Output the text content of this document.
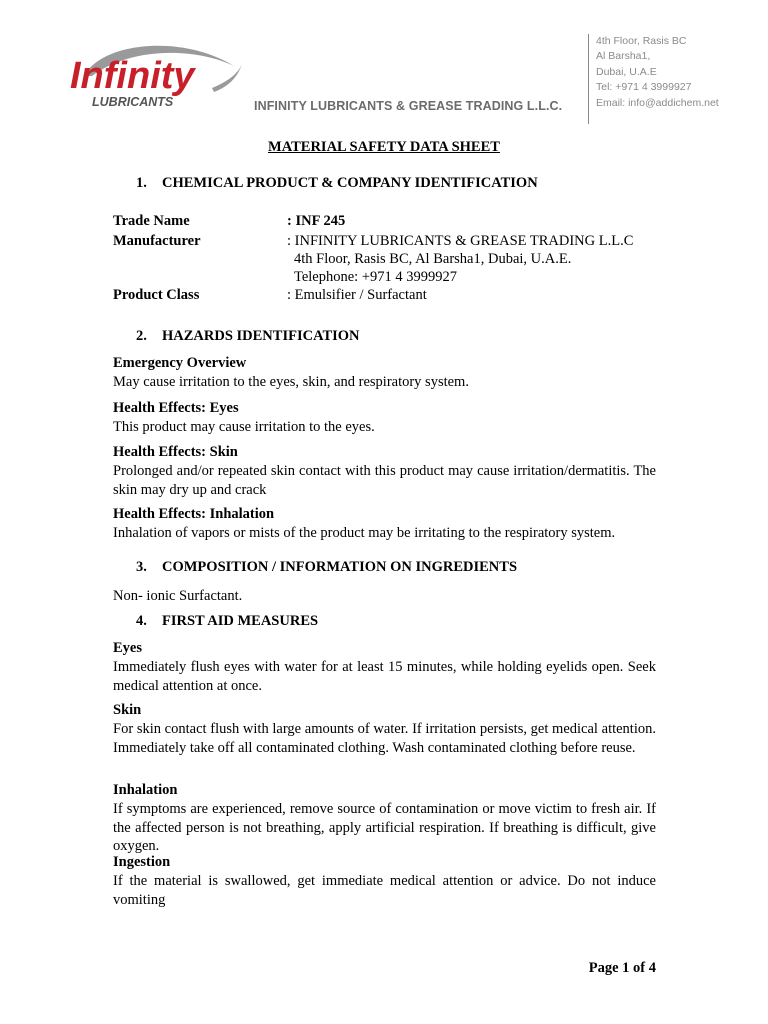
Infinity
LUBRICANTS	INFINITY LUBRICANTS & GREASE TRADING L.L.C.
4th Floor, Rasis BC
Al Barsha1,
Dubai, U.A.E
Tel: +971 4 3999927
Email: info@addichem.net
MATERIAL SAFETY DATA SHEET
1. CHEMICAL PRODUCT & COMPANY IDENTIFICATION
Trade Name	: INF 245
Manufacturer	: INFINITY LUBRICANTS & GREASE TRADING L.L.C
4th Floor, Rasis BC, Al Barsha1, Dubai, U.A.E.
Telephone: +971 4 3999927
Product Class	: Emulsifier / Surfactant
2. HAZARDS IDENTIFICATION
Emergency Overview
May cause irritation to the eyes, skin, and respiratory system.
Health Effects: Eyes
This product may cause irritation to the eyes.
Health Effects: Skin
Prolonged and/or repeated skin contact with this product may cause irritation/dermatitis. The skin may dry up and crack
Health Effects: Inhalation
Inhalation of vapors or mists of the product may be irritating to the respiratory system.
3. COMPOSITION / INFORMATION ON INGREDIENTS
Non- ionic Surfactant.
4. FIRST AID MEASURES
Eyes
Immediately flush eyes with water for at least 15 minutes, while holding eyelids open. Seek medical attention at once.
Skin
For skin contact flush with large amounts of water. If irritation persists, get medical attention. Immediately take off all contaminated clothing. Wash contaminated clothing before reuse.
Inhalation
If symptoms are experienced, remove source of contamination or move victim to fresh air. If the affected person is not breathing, apply artificial respiration. If breathing is difficult, give oxygen.
Ingestion
If the material is swallowed, get immediate medical attention or advice. Do not induce vomiting
Page 1 of 4
